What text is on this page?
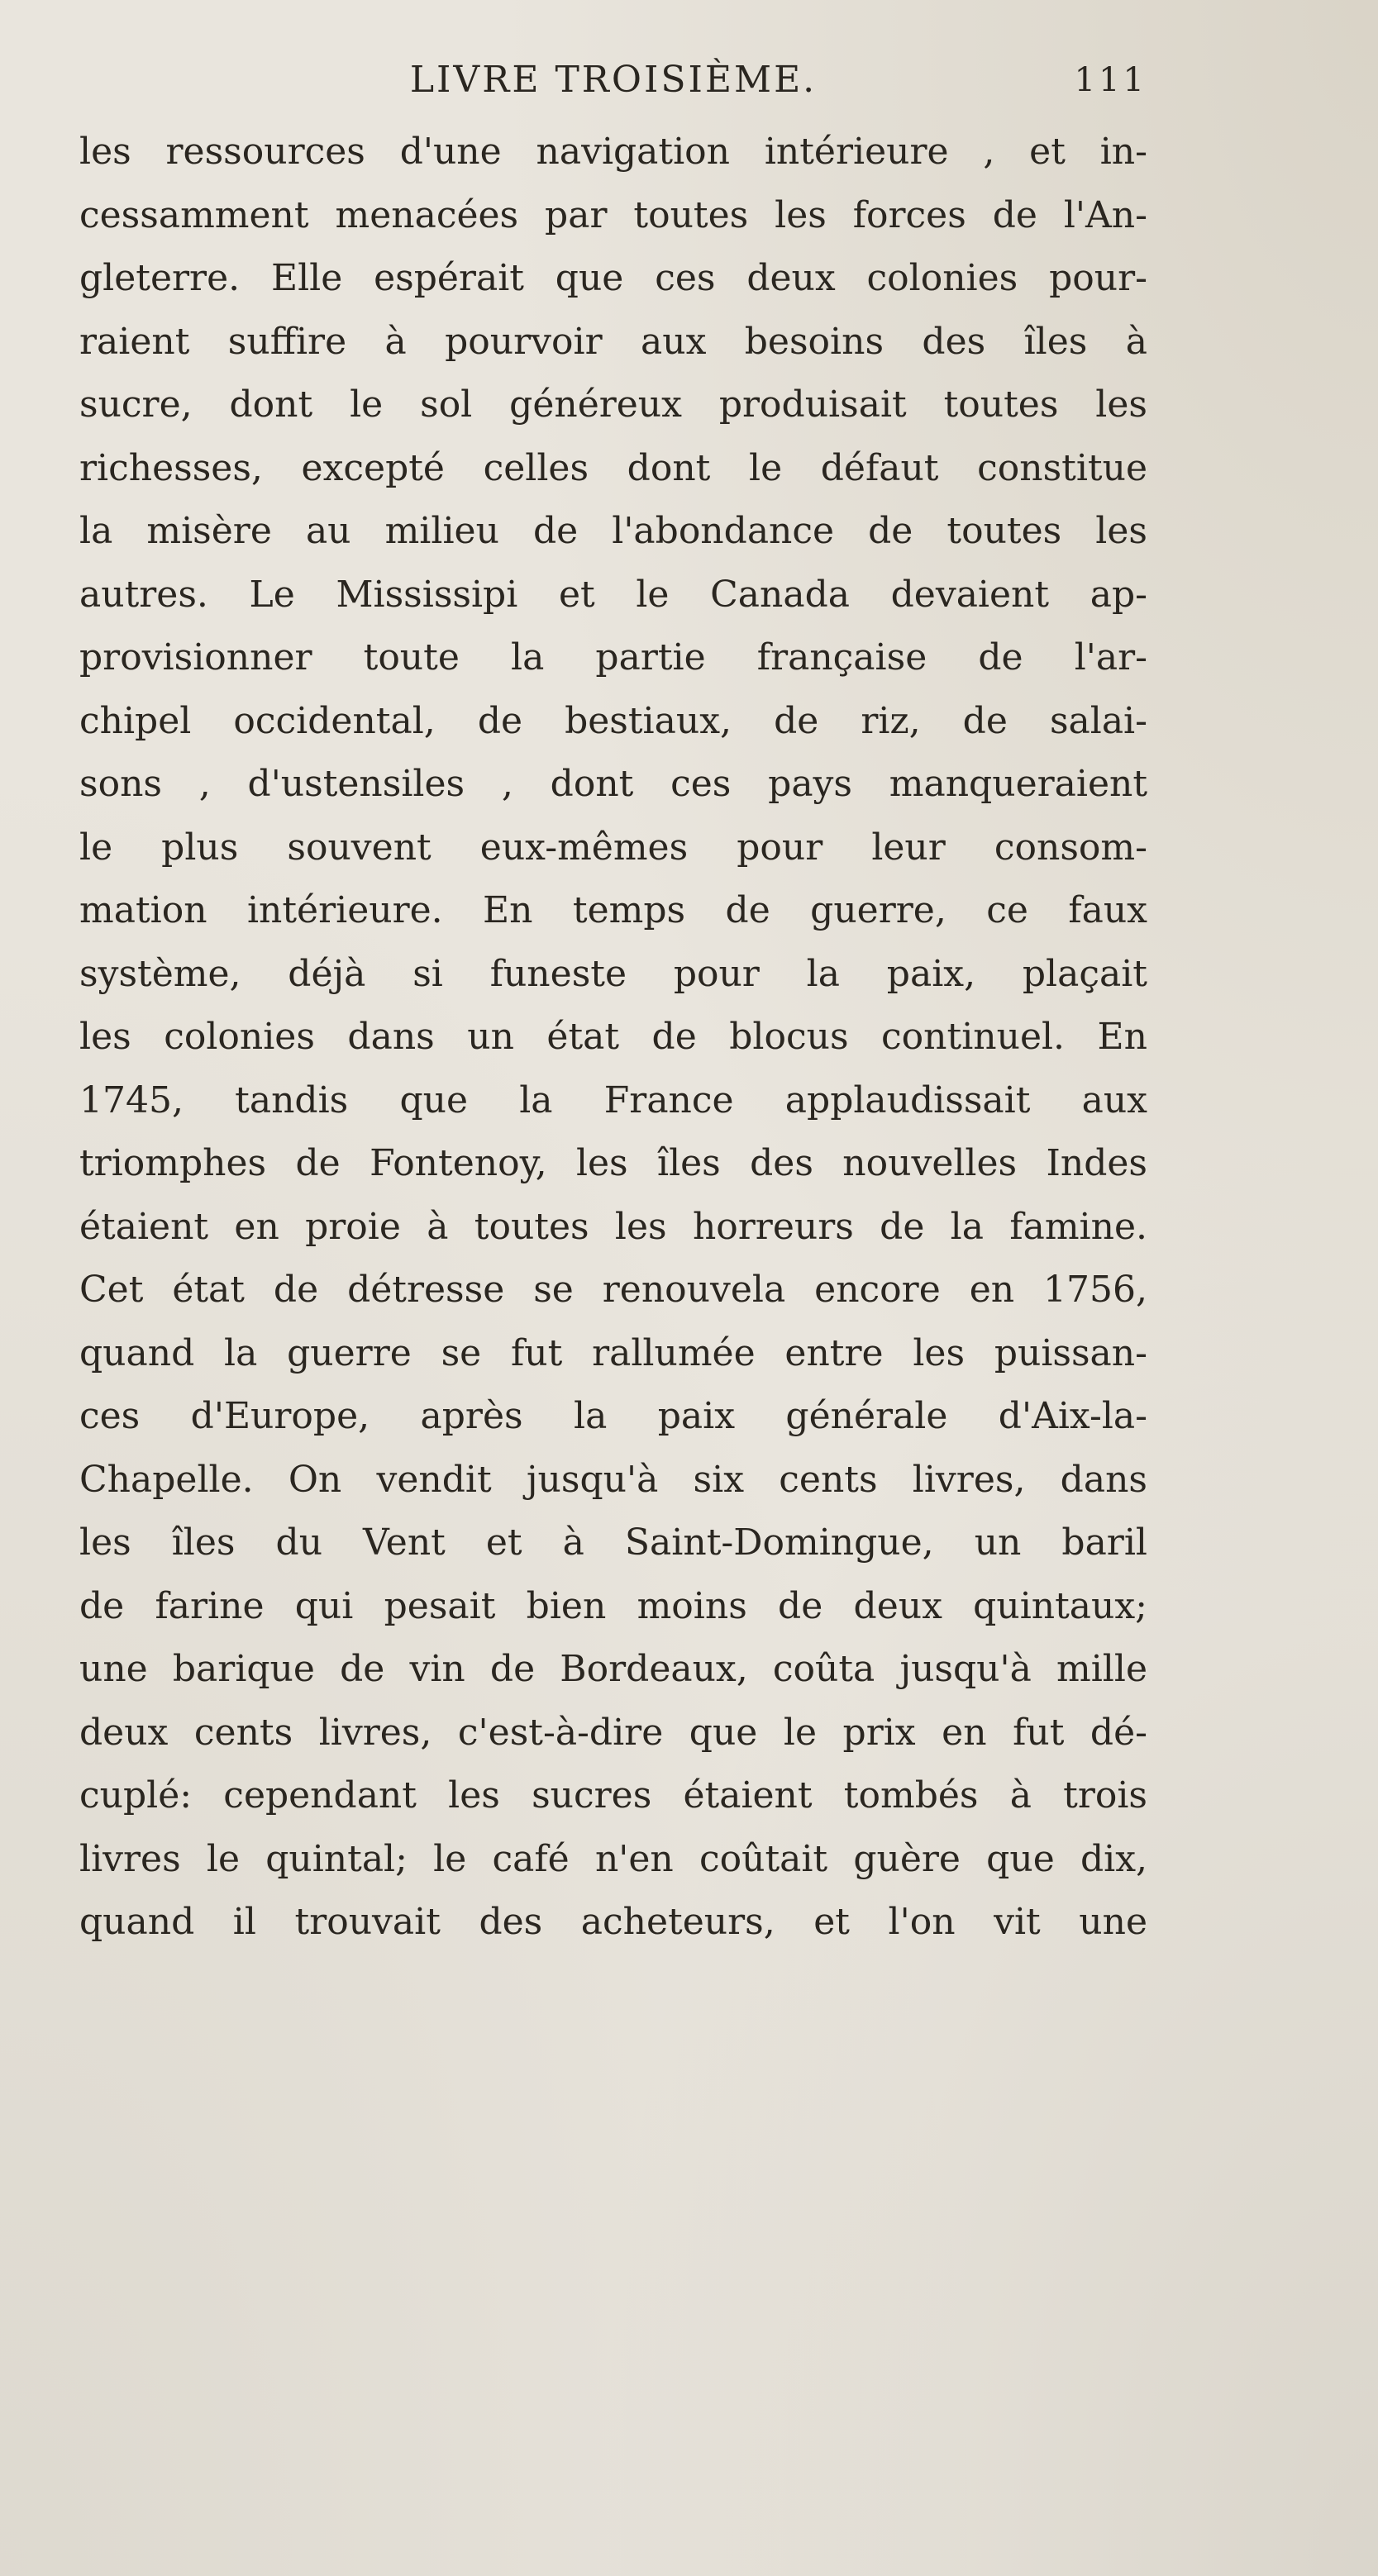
LIVRE TROISIÈME.	111
les ressources d'une navigation intérieure , et in-
cessamment menacées par toutes les forces de l'An-
gleterre. Elle espérait que ces deux colonies pour-
raient suffire à pourvoir aux besoins des îles à
sucre, dont le sol généreux produisait toutes les
richesses, excepté celles dont le défaut constitue
la misère au milieu de l'abondance de toutes les
autres. Le Mississipi et le Canada devaient ap-
provisionner toute la partie française de l'ar-
chipel occidental, de bestiaux, de riz, de salai-
sons , d'ustensiles , dont ces pays manqueraient
le plus souvent eux-mêmes pour leur consom-
mation intérieure. En temps de guerre, ce faux
système, déjà si funeste pour la paix, plaçait
les colonies dans un état de blocus continuel. En
1745, tandis que la France applaudissait aux
triomphes de Fontenoy, les îles des nouvelles Indes
étaient en proie à toutes les horreurs de la famine.
Cet état de détresse se renouvela encore en 1756,
quand la guerre se fut rallumée entre les puissan-
ces d'Europe, après la paix générale d'Aix-la-
Chapelle. On vendit jusqu'à six cents livres, dans
les îles du Vent et à Saint-Domingue, un baril
de farine qui pesait bien moins de deux quintaux;
une barique de vin de Bordeaux, coûta jusqu'à mille
deux cents livres, c'est-à-dire que le prix en fut dé-
cuplé: cependant les sucres étaient tombés à trois
livres le quintal; le café n'en coûtait guère que dix,
quand il trouvait des acheteurs, et l'on vit une
